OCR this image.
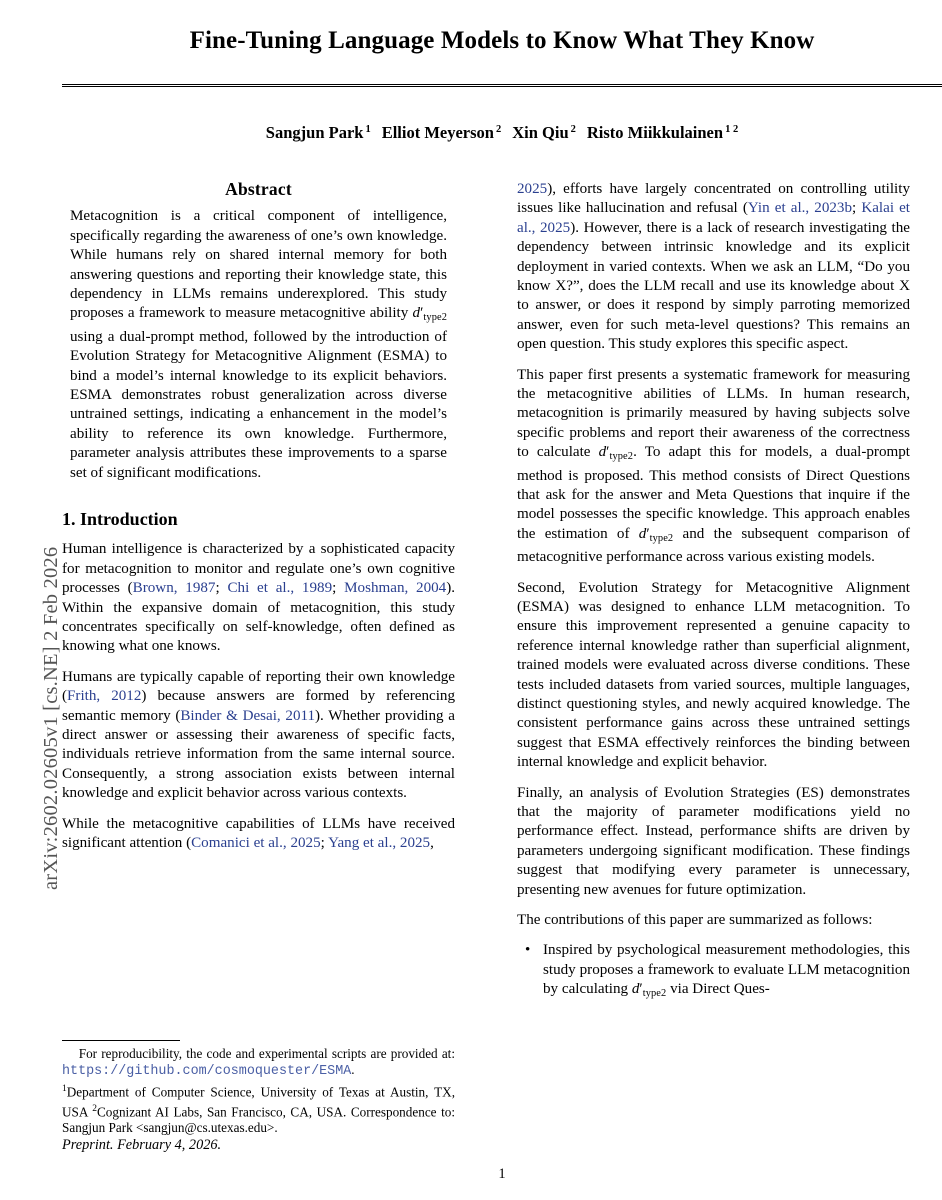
arXiv:2602.02605v1 [cs.NE] 2 Feb 2026
Fine-Tuning Language Models to Know What They Know
Sangjun Park $^1$ Elliot Meyerson $^2$ Xin Qiu $^2$ Risto Miikkulainen $^{1 2}$
Abstract

Metacognition is a critical component of intelligence, specifically regarding the awareness of one’s own knowledge. While humans rely on shared internal memory for both answering questions and reporting their knowledge state, this dependency in LLMs remains underexplored. This study proposes a framework to measure metacognitive ability $d'_{type2}$ using a dual-prompt method, followed by the introduction of Evolution Strategy for Metacognitive Alignment (ESMA) to bind a model’s internal knowledge to its explicit behaviors. ESMA demonstrates robust generalization across diverse untrained settings, indicating a enhancement in the model’s ability to reference its own knowledge. Furthermore, parameter analysis attributes these improvements to a sparse set of significant modifications.

1. Introduction

Human intelligence is characterized by a sophisticated capacity for metacognition to monitor and regulate one’s own cognitive processes (Brown, 1987; Chi et al., 1989; Moshman, 2004). Within the expansive domain of metacognition, this study concentrates specifically on self-knowledge, often defined as knowing what one knows.

Humans are typically capable of reporting their own knowledge (Frith, 2012) because answers are formed by referencing semantic memory (Binder & Desai, 2011). Whether providing a direct answer or assessing their awareness of specific facts, individuals retrieve information from the same internal source. Consequently, a strong association exists between internal knowledge and explicit behavior across various contexts.

While the metacognitive capabilities of LLMs have received significant attention (Comanici et al., 2025; Yang et al., 2025,

For reproducibility, the code and experimental scripts are provided at: https://github.com/cosmoquester/ESMA.

$^1$Department of Computer Science, University of Texas at Austin, TX, USA $^2$Cognizant AI Labs, San Francisco, CA, USA. Correspondence to: Sangjun Park <sangjun@cs.utexas.edu>.

Preprint. February 4, 2026.

2025), efforts have largely concentrated on controlling utility issues like hallucination and refusal (Yin et al., 2023b; Kalai et al., 2025). However, there is a lack of research investigating the dependency between intrinsic knowledge and its explicit deployment in varied contexts. When we ask an LLM, “Do you know X?”, does the LLM recall and use its knowledge about X to answer, or does it respond by simply parroting memorized answer, even for such meta-level questions? This remains an open question. This study explores this specific aspect.

This paper first presents a systematic framework for measuring the metacognitive abilities of LLMs. In human research, metacognition is primarily measured by having subjects solve specific problems and report their awareness of the correctness to calculate $d'_{type2}$. To adapt this for models, a dual-prompt method is proposed. This method consists of Direct Questions that ask for the answer and Meta Questions that inquire if the model possesses the specific knowledge. This approach enables the estimation of $d'_{type2}$ and the subsequent comparison of metacognitive performance across various existing models.

Second, Evolution Strategy for Metacognitive Alignment (ESMA) was designed to enhance LLM metacognition. To ensure this improvement represented a genuine capacity to reference internal knowledge rather than superficial alignment, trained models were evaluated across diverse conditions. These tests included datasets from varied sources, multiple languages, distinct questioning styles, and newly acquired knowledge. The consistent performance gains across these untrained settings suggest that ESMA effectively reinforces the binding between internal knowledge and explicit behavior.

Finally, an analysis of Evolution Strategies (ES) demonstrates that the majority of parameter modifications yield no performance effect. Instead, performance shifts are driven by parameters undergoing significant modification. These findings suggest that modifying every parameter is unnecessary, presenting new avenues for future optimization.

The contributions of this paper are summarized as follows:

• Inspired by psychological measurement methodologies, this study proposes a framework to evaluate LLM metacognition by calculating $d'_{type2}$ via Direct Ques-
1
